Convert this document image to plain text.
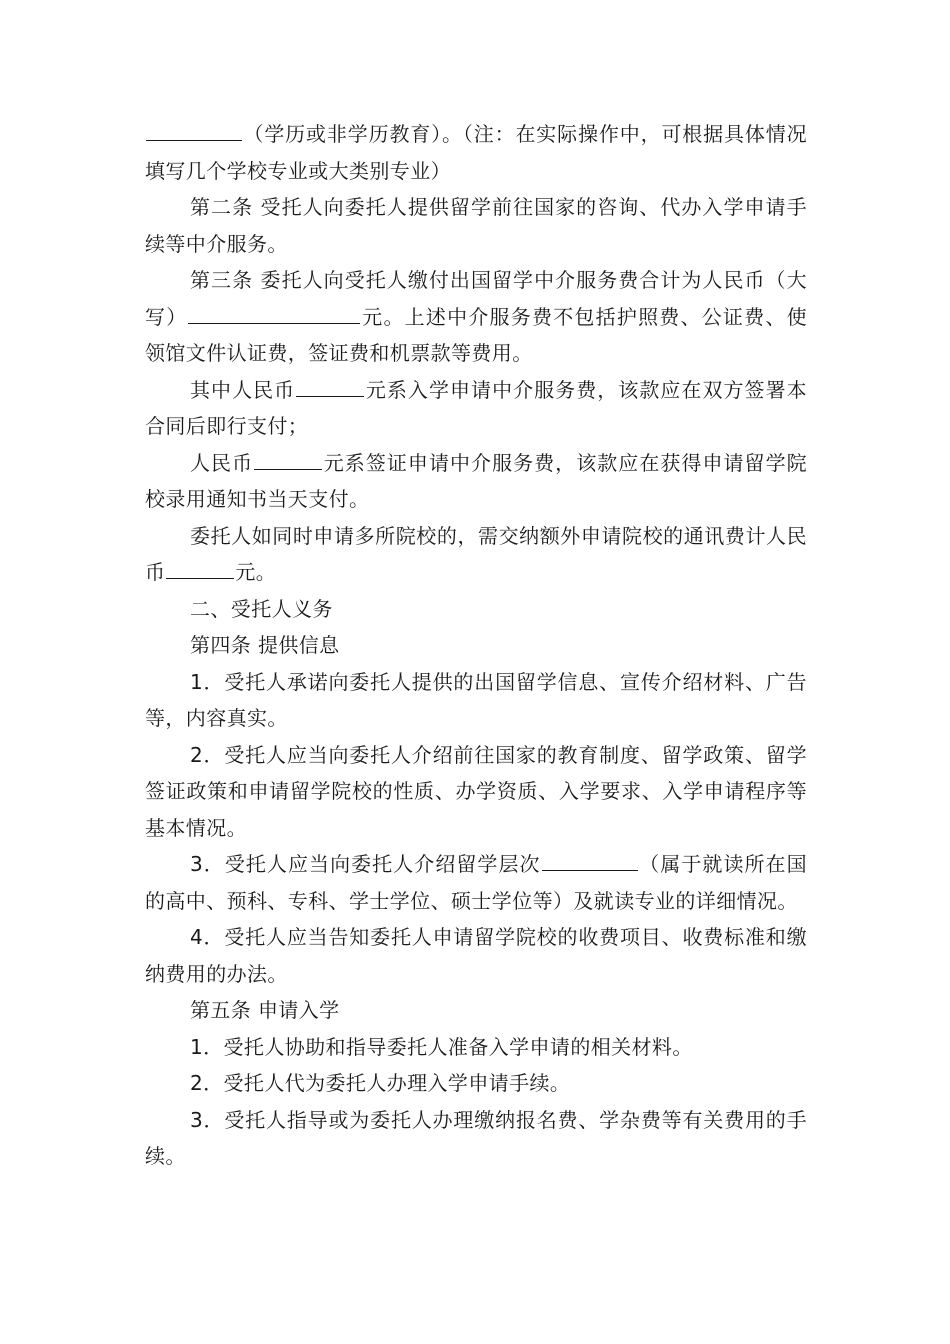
（学历或非学历教育）。（注：在实际操作中，可根据具体情况填写几个学校专业或大类别专业）

第二条 受托人向委托人提供留学前往国家的咨询、代办入学申请手续等中介服务。

第三条 委托人向受托人缴付出国留学中介服务费合计为人民币（大写）	元。上述中介服务费不包括护照费、公证费、使领馆文件认证费，签证费和机票款等费用。

其中人民币	元系入学申请中介服务费，该款应在双方签署本合同后即行支付；

人民币	元系签证申请中介服务费，该款应在获得申请留学院校录用通知书当天支付。

委托人如同时申请多所院校的，需交纳额外申请院校的通讯费计人民币	元。

二、受托人义务

第四条 提供信息

1．受托人承诺向委托人提供的出国留学信息、宣传介绍材料、广告等，内容真实。

2．受托人应当向委托人介绍前往国家的教育制度、留学政策、留学签证政策和申请留学院校的性质、办学资质、入学要求、入学申请程序等基本情况。

3．受托人应当向委托人介绍留学层次	（属于就读所在国的高中、预科、专科、学士学位、硕士学位等）及就读专业的详细情况。

4．受托人应当告知委托人申请留学院校的收费项目、收费标准和缴纳费用的办法。

第五条 申请入学

1．受托人协助和指导委托人准备入学申请的相关材料。

2．受托人代为委托人办理入学申请手续。

3．受托人指导或为委托人办理缴纳报名费、学杂费等有关费用的手续。
